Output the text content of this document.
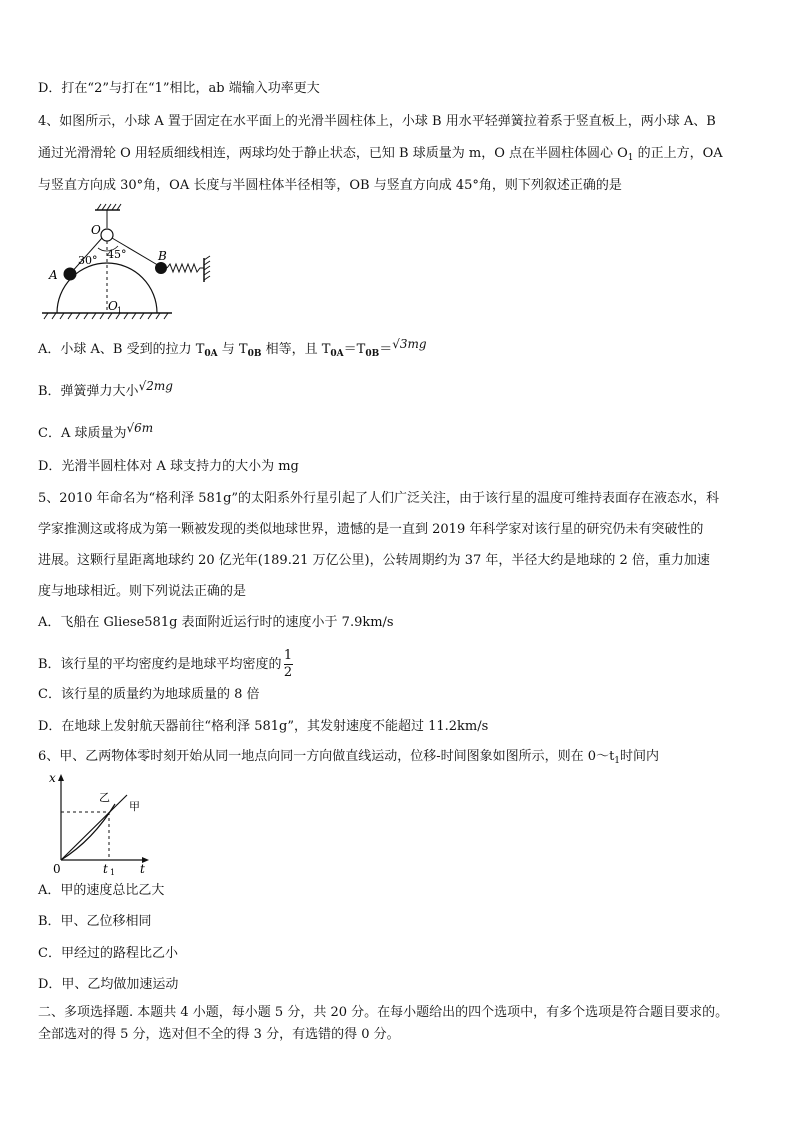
D．打在“2”与打在“1”相比，ab 端输入功率更大
4、如图所示，小球 A 置于固定在水平面上的光滑半圆柱体上，小球 B 用水平轻弹簧拉着系于竖直板上，两小球 A、B
通过光滑滑轮 O 用轻质细线相连，两球均处于静止状态，已知 B 球质量为 m，O 点在半圆柱体圆心 $O_1$ 的正上方，OA
与竖直方向成 30°角，OA 长度与半圆柱体半径相等，OB 与竖直方向成 45°角，则下列叙述正确的是
O
A
B
30° 45°
O 1
A．小球 A、B 受到的拉力 $T_{0A}$ 与 $T_{0B}$ 相等，且 $T_{0A}=T_{0B}=√3mg$
B．弹簧弹力大小√2mg
C．A 球质量为√6m
D．光滑半圆柱体对 A 球支持力的大小为 mg
5、2010 年命名为“格利泽 581g”的太阳系外行星引起了人们广泛关注，由于该行星的温度可维持表面存在液态水，科
学家推测这或将成为第一颗被发现的类似地球世界，遗憾的是一直到 2019 年科学家对该行星的研究仍未有突破性的
进展。这颗行星距离地球约 20 亿光年(189.21 万亿公里)，公转周期约为 37 年，半径大约是地球的 2 倍，重力加速
度与地球相近。则下列说法正确的是
A．飞船在 Gliese581g 表面附近运行时的速度小于 7.9km/s
B．该行星的平均密度约是地球平均密度的 $\frac{1}{2}$
C．该行星的质量约为地球质量的 8 倍
D．在地球上发射航天器前往“格利泽 581g”，其发射速度不能超过 11.2km/s
6、甲、乙两物体零时刻开始从同一地点向同一方向做直线运动，位移-时间图象如图所示，则在 $0\sim t_1$时间内
x
t
0	t 1
乙
甲
A．甲的速度总比乙大
B．甲、乙位移相同
C．甲经过的路程比乙小
D．甲、乙均做加速运动
二、多项选择题. 本题共 4 小题，每小题 5 分，共 20 分。在每小题给出的四个选项中，有多个选项是符合题目要求的。
全部选对的得 5 分，选对但不全的得 3 分，有选错的得 0 分。
